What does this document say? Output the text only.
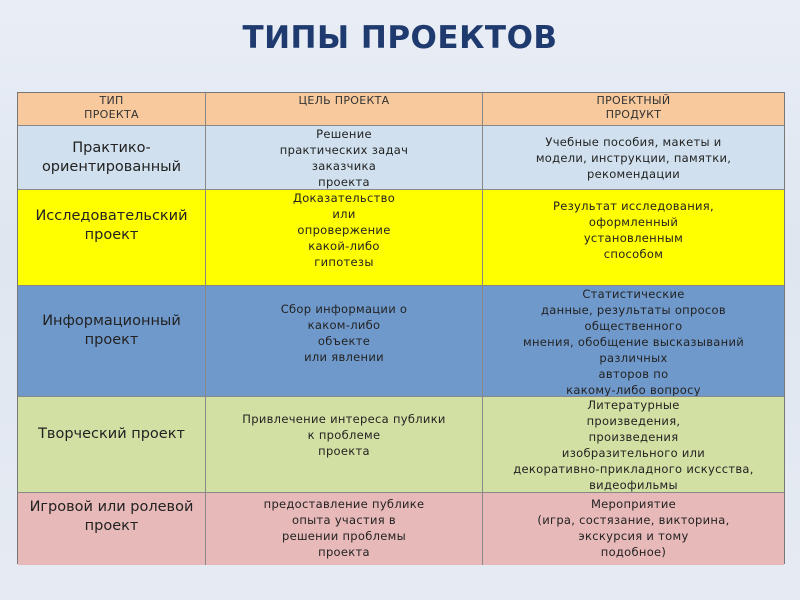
ТИПЫ ПРОЕКТОВ
ТИП
ПРОЕКТА
ЦЕЛЬ ПРОЕКТА	ПРОЕКТНЫЙ
ПРОДУКТ
Практико-
ориентированный
Решение
практических задач
заказчика
проекта
Учебные пособия, макеты и
модели, инструкции, памятки,
рекомендации
Исследовательский
проект
Доказательство
или
опровержение
какой-либо
гипотезы
Результат исследования,
оформленный
установленным
способом
Информационный
проект
Сбор информации о
каком-либо
объекте
или явлении
Статистические
данные, результаты опросов
общественного
мнения, обобщение высказываний
различных
авторов по
какому-либо вопросу
Творческий проект
Привлечение интереса публики
к проблеме
проекта
Литературные
произведения,
произведения
изобразительного или
декоративно-прикладного искусства,
видеофильмы
Игровой или ролевой
проект
предоставление публике
опыта участия в
решении проблемы
проекта
Мероприятие
(игра, состязание, викторина,
экскурсия и тому
подобное)
